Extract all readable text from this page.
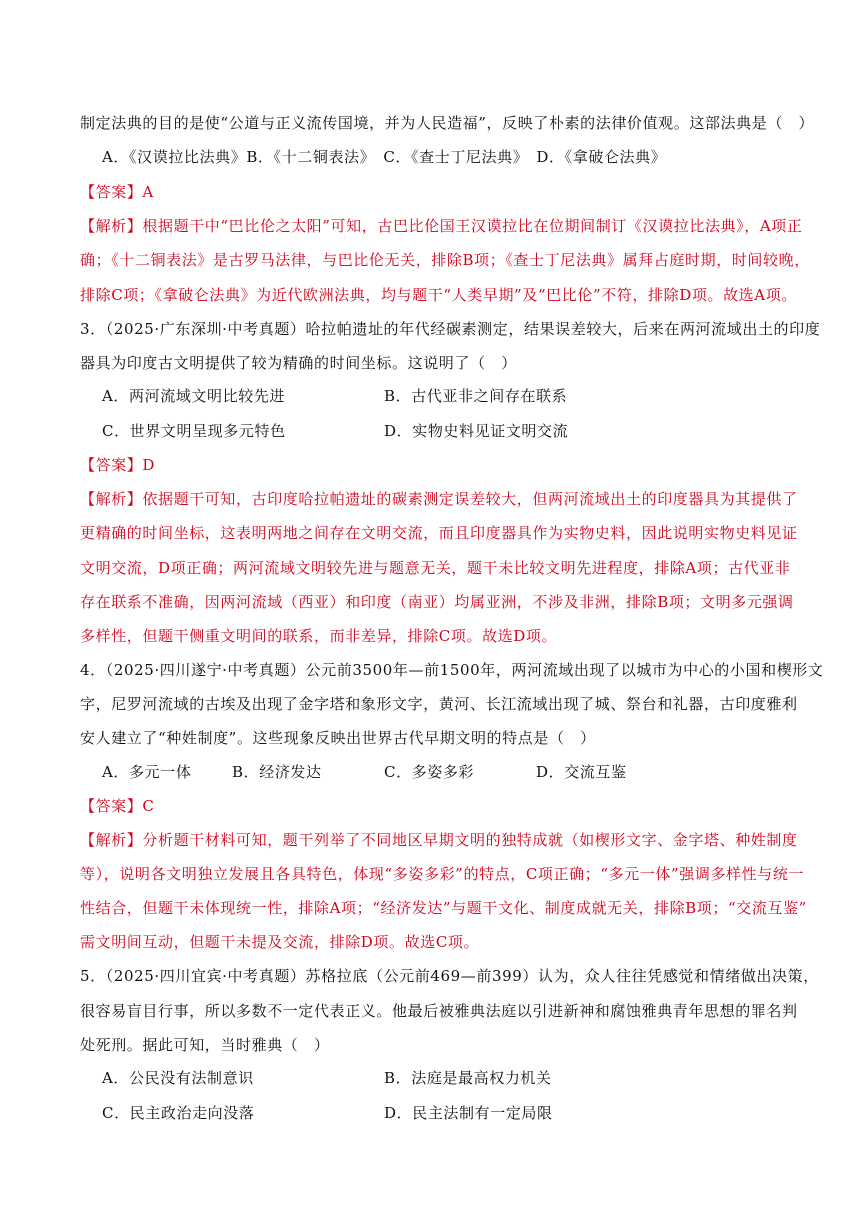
制定法典的目的是使“公道与正义流传国境，并为人民造福”，反映了朴素的法律价值观。这部法典是（　）
A．《汉谟拉比法典》B．《十二铜表法》　C．《查士丁尼法典》　D．《拿破仑法典》
【答案】A
【解析】根据题干中“巴比伦之太阳”可知，古巴比伦国王汉谟拉比在位期间制订《汉谟拉比法典》，A项正
确；《十二铜表法》是古罗马法律，与巴比伦无关，排除B项；《查士丁尼法典》属拜占庭时期，时间较晚，
排除C项；《拿破仑法典》为近代欧洲法典，均与题干“人类早期”及“巴比伦”不符，排除D项。故选A项。
3．（2025·广东深圳·中考真题）哈拉帕遗址的年代经碳素测定，结果误差较大，后来在两河流域出土的印度
器具为印度古文明提供了较为精确的时间坐标。这说明了（　）
A．两河流域文明比较先进	B．古代亚非之间存在联系
C．世界文明呈现多元特色	D．实物史料见证文明交流
【答案】D
【解析】依据题干可知，古印度哈拉帕遗址的碳素测定误差较大，但两河流域出土的印度器具为其提供了
更精确的时间坐标，这表明两地之间存在文明交流，而且印度器具作为实物史料，因此说明实物史料见证
文明交流，D项正确；两河流域文明较先进与题意无关，题干未比较文明先进程度，排除A项；古代亚非
存在联系不准确，因两河流域（西亚）和印度（南亚）均属亚洲，不涉及非洲，排除B项；文明多元强调
多样性，但题干侧重文明间的联系，而非差异，排除C项。故选D项。
4．（2025·四川遂宁·中考真题）公元前3500年—前1500年，两河流域出现了以城市为中心的小国和楔形文
字，尼罗河流域的古埃及出现了金字塔和象形文字，黄河、长江流域出现了城、祭台和礼器，古印度雅利
安人建立了“种姓制度”。这些现象反映出世界古代早期文明的特点是（　）
A．多元一体	B．经济发达	C．多姿多彩	D．交流互鉴
【答案】C
【解析】分析题干材料可知，题干列举了不同地区早期文明的独特成就（如楔形文字、金字塔、种姓制度
等），说明各文明独立发展且各具特色，体现“多姿多彩”的特点，C项正确；“多元一体”强调多样性与统一
性结合，但题干未体现统一性，排除A项；“经济发达”与题干文化、制度成就无关，排除B项；“交流互鉴”
需文明间互动，但题干未提及交流，排除D项。故选C项。
5．（2025·四川宜宾·中考真题）苏格拉底（公元前469—前399）认为，众人往往凭感觉和情绪做出决策，
很容易盲目行事，所以多数不一定代表正义。他最后被雅典法庭以引进新神和腐蚀雅典青年思想的罪名判
处死刑。据此可知，当时雅典（　）
A．公民没有法制意识	B．法庭是最高权力机关
C．民主政治走向没落	D．民主法制有一定局限
